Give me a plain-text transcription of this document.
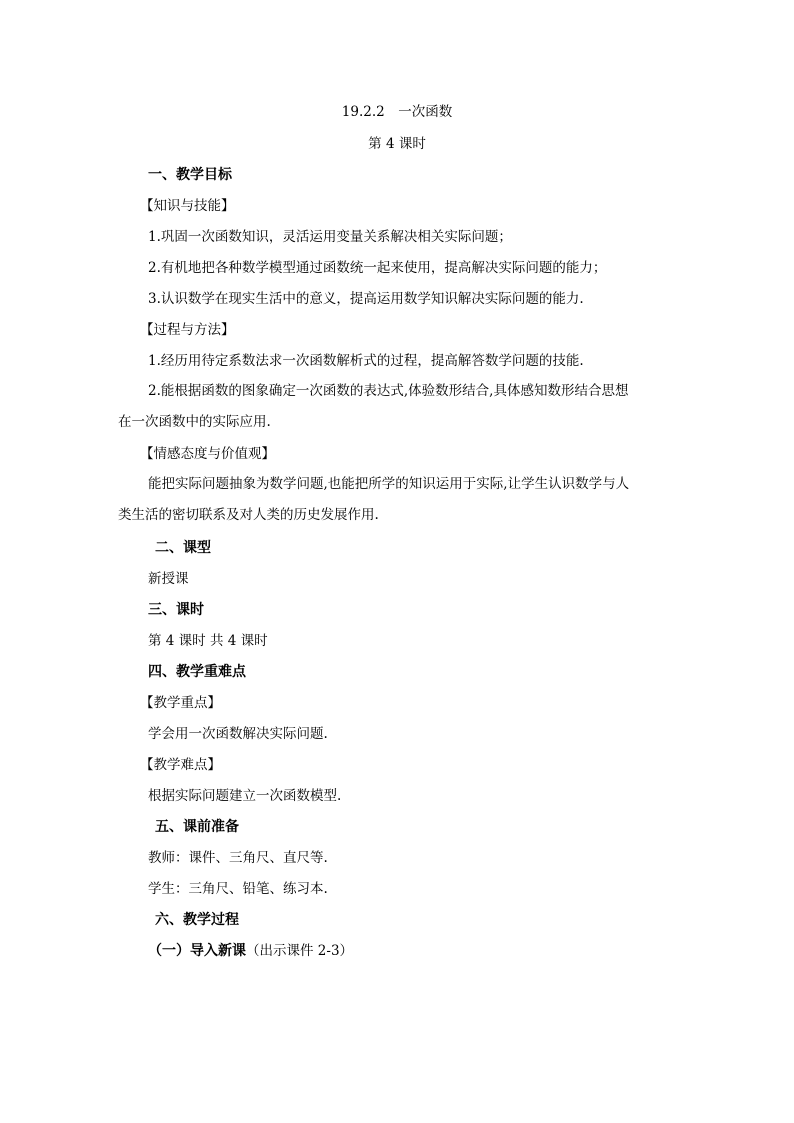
19.2.2　一次函数
第 4 课时
一、教学目标
【知识与技能】
1.巩固一次函数知识，灵活运用变量关系解决相关实际问题；
2.有机地把各种数学模型通过函数统一起来使用，提高解决实际问题的能力；
3.认识数学在现实生活中的意义，提高运用数学知识解决实际问题的能力.
【过程与方法】
1.经历用待定系数法求一次函数解析式的过程，提高解答数学问题的技能.
2.能根据函数的图象确定一次函数的表达式,体验数形结合,具体感知数形结合思想在一次函数中的实际应用.
【情感态度与价值观】
能把实际问题抽象为数学问题,也能把所学的知识运用于实际,让学生认识数学与人类生活的密切联系及对人类的历史发展作用.
二、课型
新授课
三、课时
第 4 课时 共 4 课时
四、教学重难点
【教学重点】
学会用一次函数解决实际问题.
【教学难点】
根据实际问题建立一次函数模型.
五、课前准备
教师：课件、三角尺、直尺等.
学生：三角尺、铅笔、练习本.
六、教学过程
（一）导入新课（出示课件 2-3）
